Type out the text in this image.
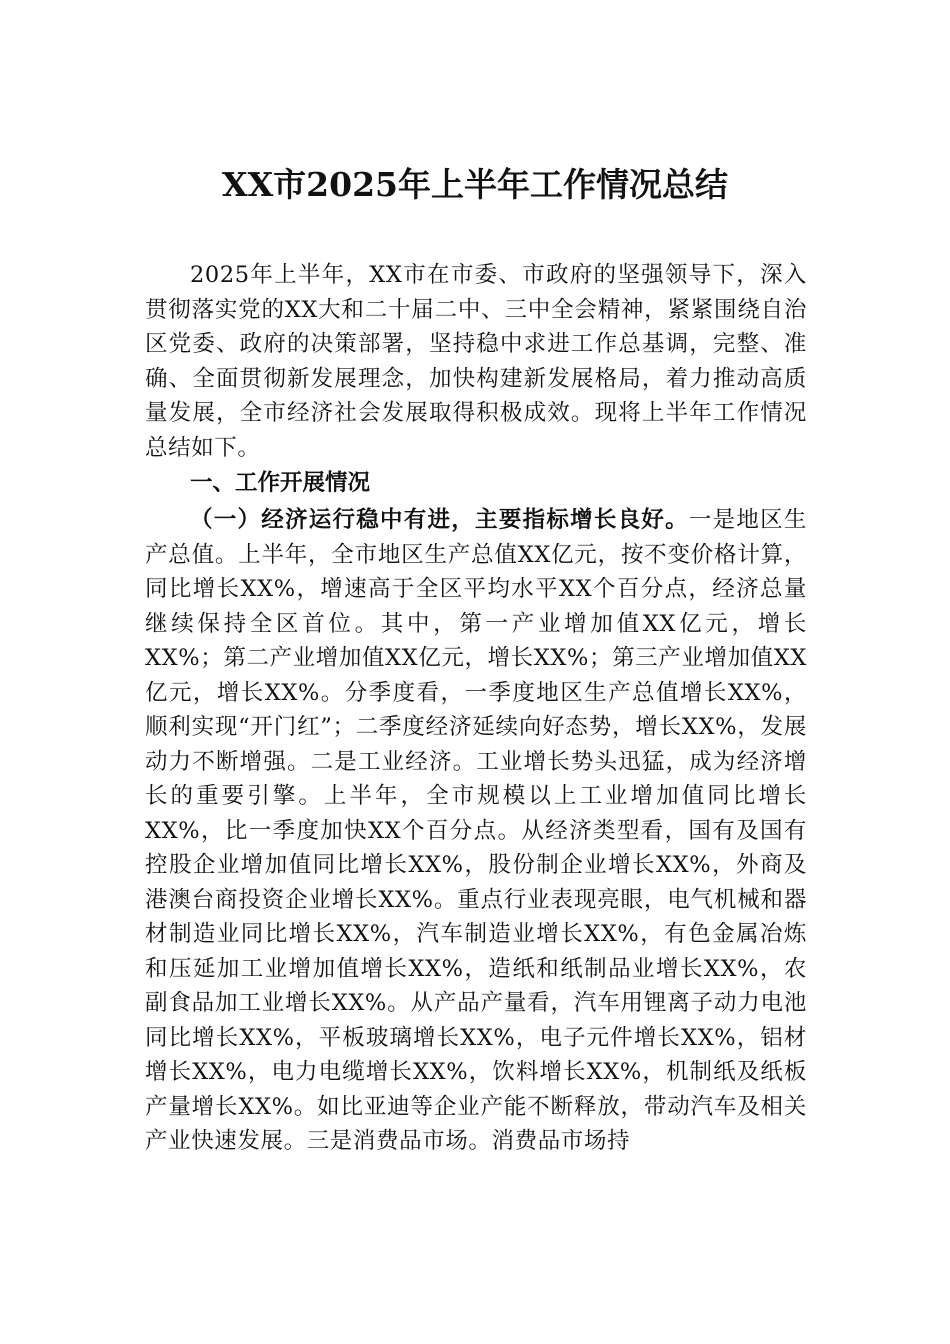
XX市2025年上半年工作情况总结

2025年上半年，XX市在市委、市政府的坚强领导下，深入贯彻落实党的XX大和二十届二中、三中全会精神，紧紧围绕自治区党委、政府的决策部署，坚持稳中求进工作总基调，完整、准确、全面贯彻新发展理念，加快构建新发展格局，着力推动高质量发展，全市经济社会发展取得积极成效。现将上半年工作情况总结如下。

一、工作开展情况

（一）经济运行稳中有进，主要指标增长良好。一是地区生产总值。上半年，全市地区生产总值XX亿元，按不变价格计算，同比增长XX%，增速高于全区平均水平XX个百分点，经济总量继续保持全区首位。其中，第一产业增加值XX亿元，增长XX%；第二产业增加值XX亿元，增长XX%；第三产业增加值XX亿元，增长XX%。分季度看，一季度地区生产总值增长XX%，顺利实现“开门红”；二季度经济延续向好态势，增长XX%，发展动力不断增强。二是工业经济。工业增长势头迅猛，成为经济增长的重要引擎。上半年，全市规模以上工业增加值同比增长XX%，比一季度加快XX个百分点。从经济类型看，国有及国有控股企业增加值同比增长XX%，股份制企业增长XX%，外商及港澳台商投资企业增长XX%。重点行业表现亮眼，电气机械和器材制造业同比增长XX%，汽车制造业增长XX%，有色金属冶炼和压延加工业增加值增长XX%，造纸和纸制品业增长XX%，农副食品加工业增长XX%。从产品产量看，汽车用锂离子动力电池同比增长XX%，平板玻璃增长XX%，电子元件增长XX%，铝材增长XX%，电力电缆增长XX%，饮料增长XX%，机制纸及纸板产量增长XX%。如比亚迪等企业产能不断释放，带动汽车及相关产业快速发展。三是消费品市场。消费品市场持
